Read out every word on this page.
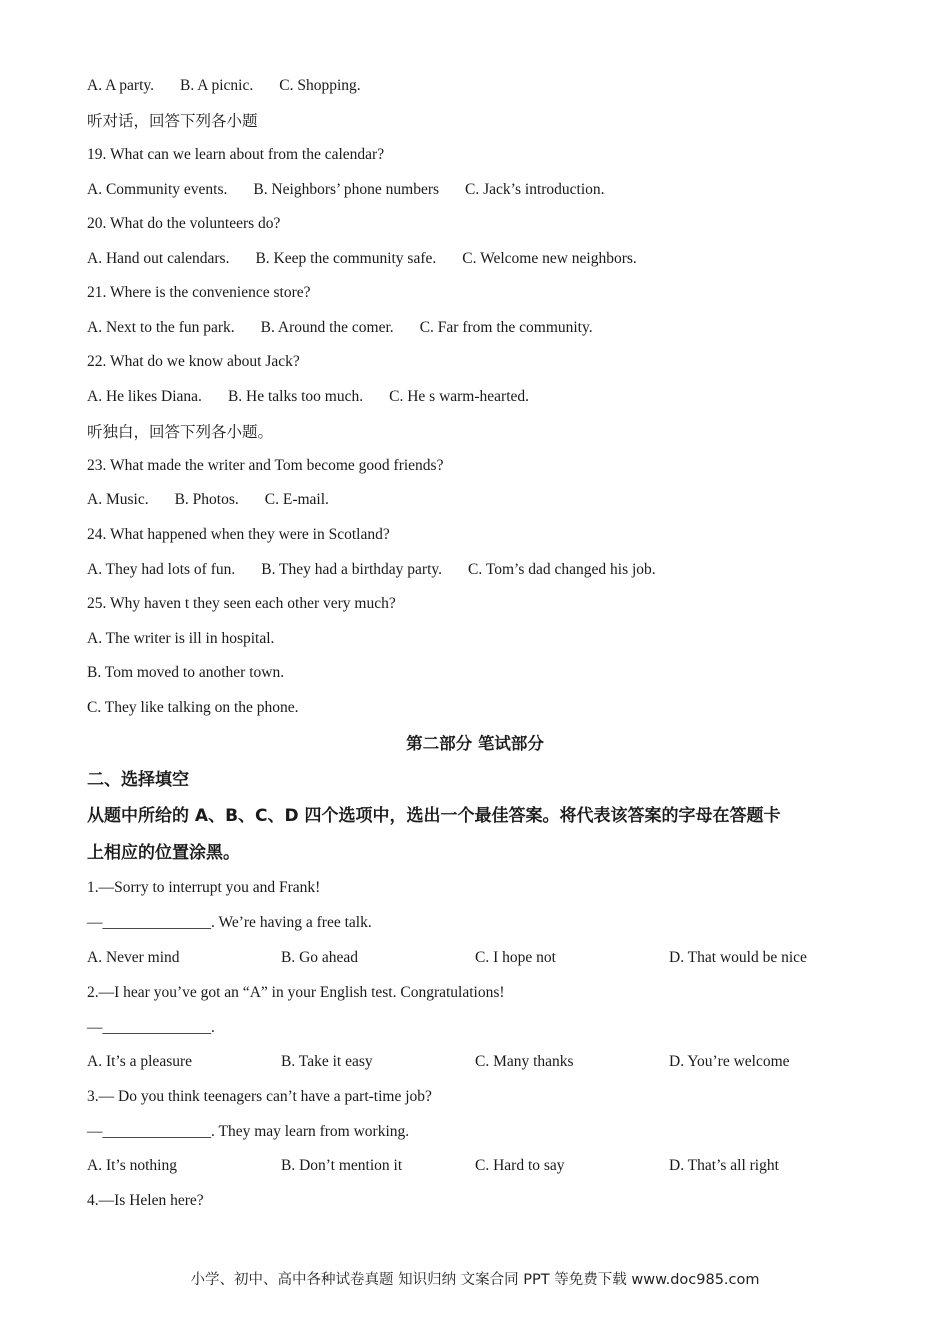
A. A party. B. A picnic. C. Shopping.
听对话，回答下列各小题
19. What can we learn about from the calendar?
A. Community events. B. Neighbors’ phone numbers C. Jack’s introduction.
20. What do the volunteers do?
A. Hand out calendars. B. Keep the community safe. C. Welcome new neighbors.
21. Where is the convenience store?
A. Next to the fun park. B. Around the comer. C. Far from the community.
22. What do we know about Jack?
A. He likes Diana. B. He talks too much. C. He s warm-hearted.
听独白，回答下列各小题。
23. What made the writer and Tom become good friends?
A. Music. B. Photos. C. E-mail.
24. What happened when they were in Scotland?
A. They had lots of fun. B. They had a birthday party. C. Tom’s dad changed his job.
25. Why haven t they seen each other very much?
A. The writer is ill in hospital.
B. Tom moved to another town.
C. They like talking on the phone.
第二部分 笔试部分
二、选择填空
从题中所给的 A、B、C、D 四个选项中，选出一个最佳答案。将代表该答案的字母在答题卡
上相应的位置涂黑。
1.—Sorry to interrupt you and Frank!
—______________. We’re having a free talk.
A. Never mind	B. Go ahead	C. I hope not	D. That would be nice
2.—I hear you’ve got an “A” in your English test. Congratulations!
—______________.
A. It’s a pleasure	B. Take it easy	C. Many thanks	D. You’re welcome
3.— Do you think teenagers can’t have a part-time job?
—______________. They may learn from working.
A. It’s nothing	B. Don’t mention it	C. Hard to say	D. That’s all right
4.—Is Helen here?
小学、初中、高中各种试卷真题 知识归纳 文案合同 PPT 等免费下载 www.doc985.com
